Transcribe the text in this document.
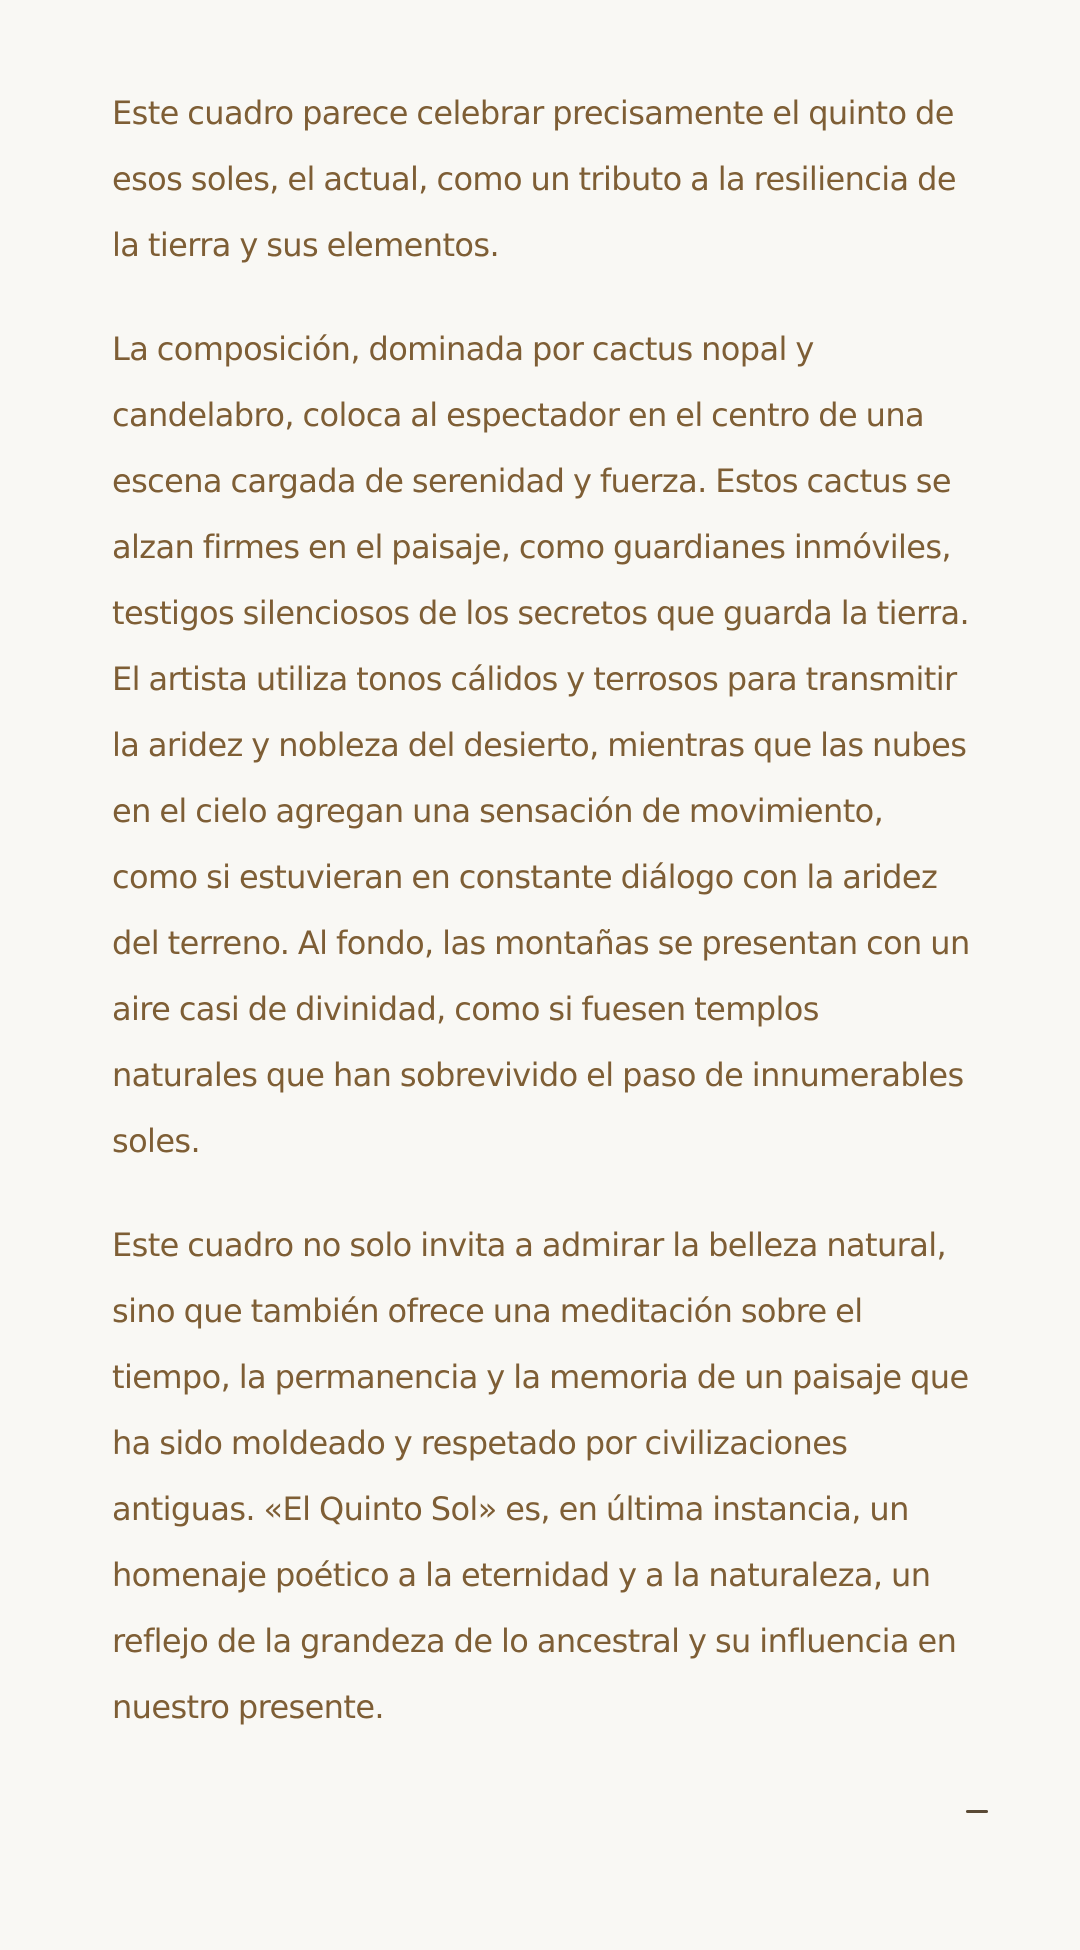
Este cuadro parece celebrar precisamente el quinto de esos soles, el actual, como un tributo a la resiliencia de la tierra y sus elementos.

La composición, dominada por cactus nopal y candelabro, coloca al espectador en el centro de una escena cargada de serenidad y fuerza. Estos cactus se alzan firmes en el paisaje, como guardianes inmóviles, testigos silenciosos de los secretos que guarda la tierra. El artista utiliza tonos cálidos y terrosos para transmitir la aridez y nobleza del desierto, mientras que las nubes en el cielo agregan una sensación de movimiento, como si estuvieran en constante diálogo con la aridez del terreno. Al fondo, las montañas se presentan con un aire casi de divinidad, como si fuesen templos naturales que han sobrevivido el paso de innumerables soles.

Este cuadro no solo invita a admirar la belleza natural, sino que también ofrece una meditación sobre el tiempo, la permanencia y la memoria de un paisaje que ha sido moldeado y respetado por civilizaciones antiguas. «El Quinto Sol» es, en última instancia, un homenaje poético a la eternidad y a la naturaleza, un reflejo de la grandeza de lo ancestral y su influencia en nuestro presente.
